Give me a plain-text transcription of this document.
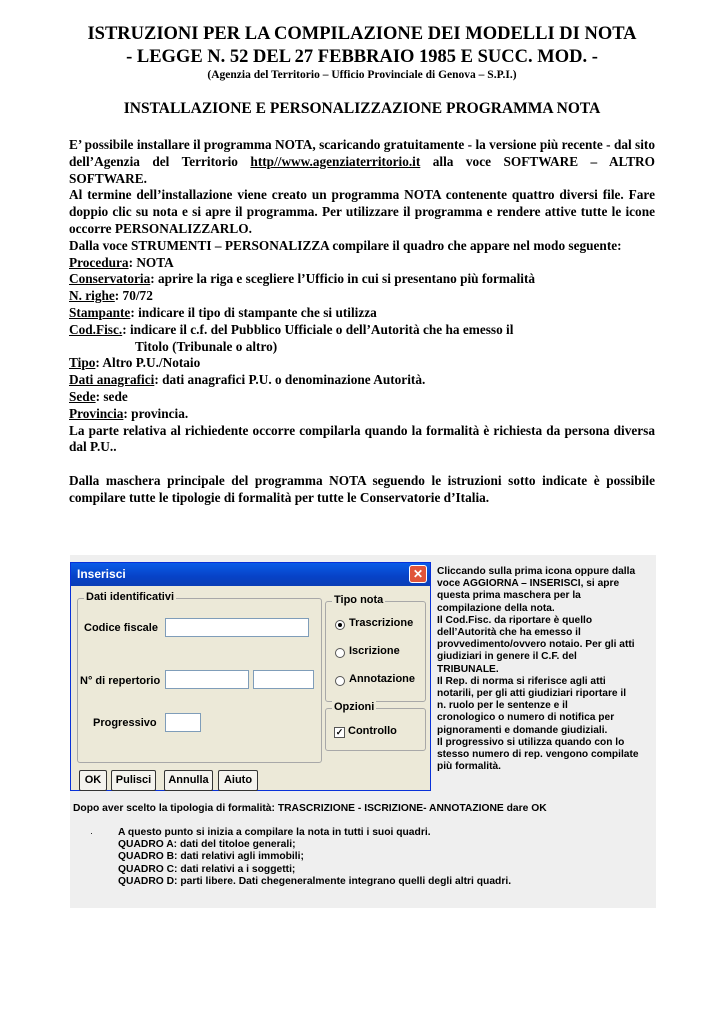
ISTRUZIONI PER LA COMPILAZIONE DEI MODELLI DI NOTA
- LEGGE N. 52 DEL 27 FEBBRAIO 1985 E SUCC. MOD. -
(Agenzia del Territorio – Ufficio Provinciale di Genova – S.P.I.)
INSTALLAZIONE E PERSONALIZZAZIONE PROGRAMMA NOTA

E’ possibile installare il programma NOTA, scaricando gratuitamente - la versione più recente - dal sito dell’Agenzia del Territorio http//www.agenziaterritorio.it alla voce SOFTWARE – ALTRO SOFTWARE.

Al termine dell’installazione viene creato un programma NOTA contenente quattro diversi file. Fare doppio clic su nota e si apre il programma. Per utilizzare il programma e rendere attive tutte le icone occorre PERSONALIZZARLO.

Dalla voce STRUMENTI – PERSONALIZZA compilare il quadro che appare nel modo seguente:

Procedura: NOTA

Conservatoria: aprire la riga e scegliere l’Ufficio in cui si presentano più formalità

N. righe: 70/72

Stampante: indicare il tipo di stampante che si utilizza

Cod.Fisc.: indicare il c.f. del Pubblico Ufficiale o dell’Autorità che ha emesso il

Titolo (Tribunale o altro)

Tipo: Altro P.U./Notaio

Dati anagrafici: dati anagrafici P.U. o denominazione Autorità.

Sede: sede

Provincia: provincia.

La parte relativa al richiedente occorre compilarla quando la formalità è richiesta da persona diversa dal P.U..

Dalla maschera principale del programma NOTA seguendo le istruzioni sotto indicate è possibile compilare tutte le tipologie di formalità per tutte le Conservatorie d’Italia.

Inserisci	✕
Dati identificativi
Codice fiscale
N° di repertorio
Progressivo
Tipo nota
Trascrizione
Iscrizione
Annotazione
Opzioni
✓ Controllo
OK	Pulisci	Annulla	Aiuto
Cliccando sulla prima icona oppure dalla
voce AGGIORNA – INSERISCI, si apre
questa prima maschera per la
compilazione della nota.
Il Cod.Fisc. da riportare è quello
dell’Autorità che ha emesso il
provvedimento/ovvero notaio. Per gli atti
giudiziari in genere il C.F. del
TRIBUNALE.
Il Rep. di norma si riferisce agli atti
notarili, per gli atti giudiziari riportare il
n. ruolo per le sentenze e il
cronologico o numero di notifica per
pignoramenti e domande giudiziali.
Il progressivo si utilizza quando con lo
stesso numero di rep. vengono compilate
più formalità.
Dopo aver scelto la tipologia di formalità: TRASCRIZIONE - ISCRIZIONE- ANNOTAZIONE dare OK
· A questo punto si inizia a compilare la nota in tutti i suoi quadri.
QUADRO A: dati del titoloe generali;
QUADRO B: dati relativi agli immobili;
QUADRO C: dati relativi a i soggetti;
QUADRO D: parti libere. Dati chegeneralmente integrano quelli degli altri quadri.
